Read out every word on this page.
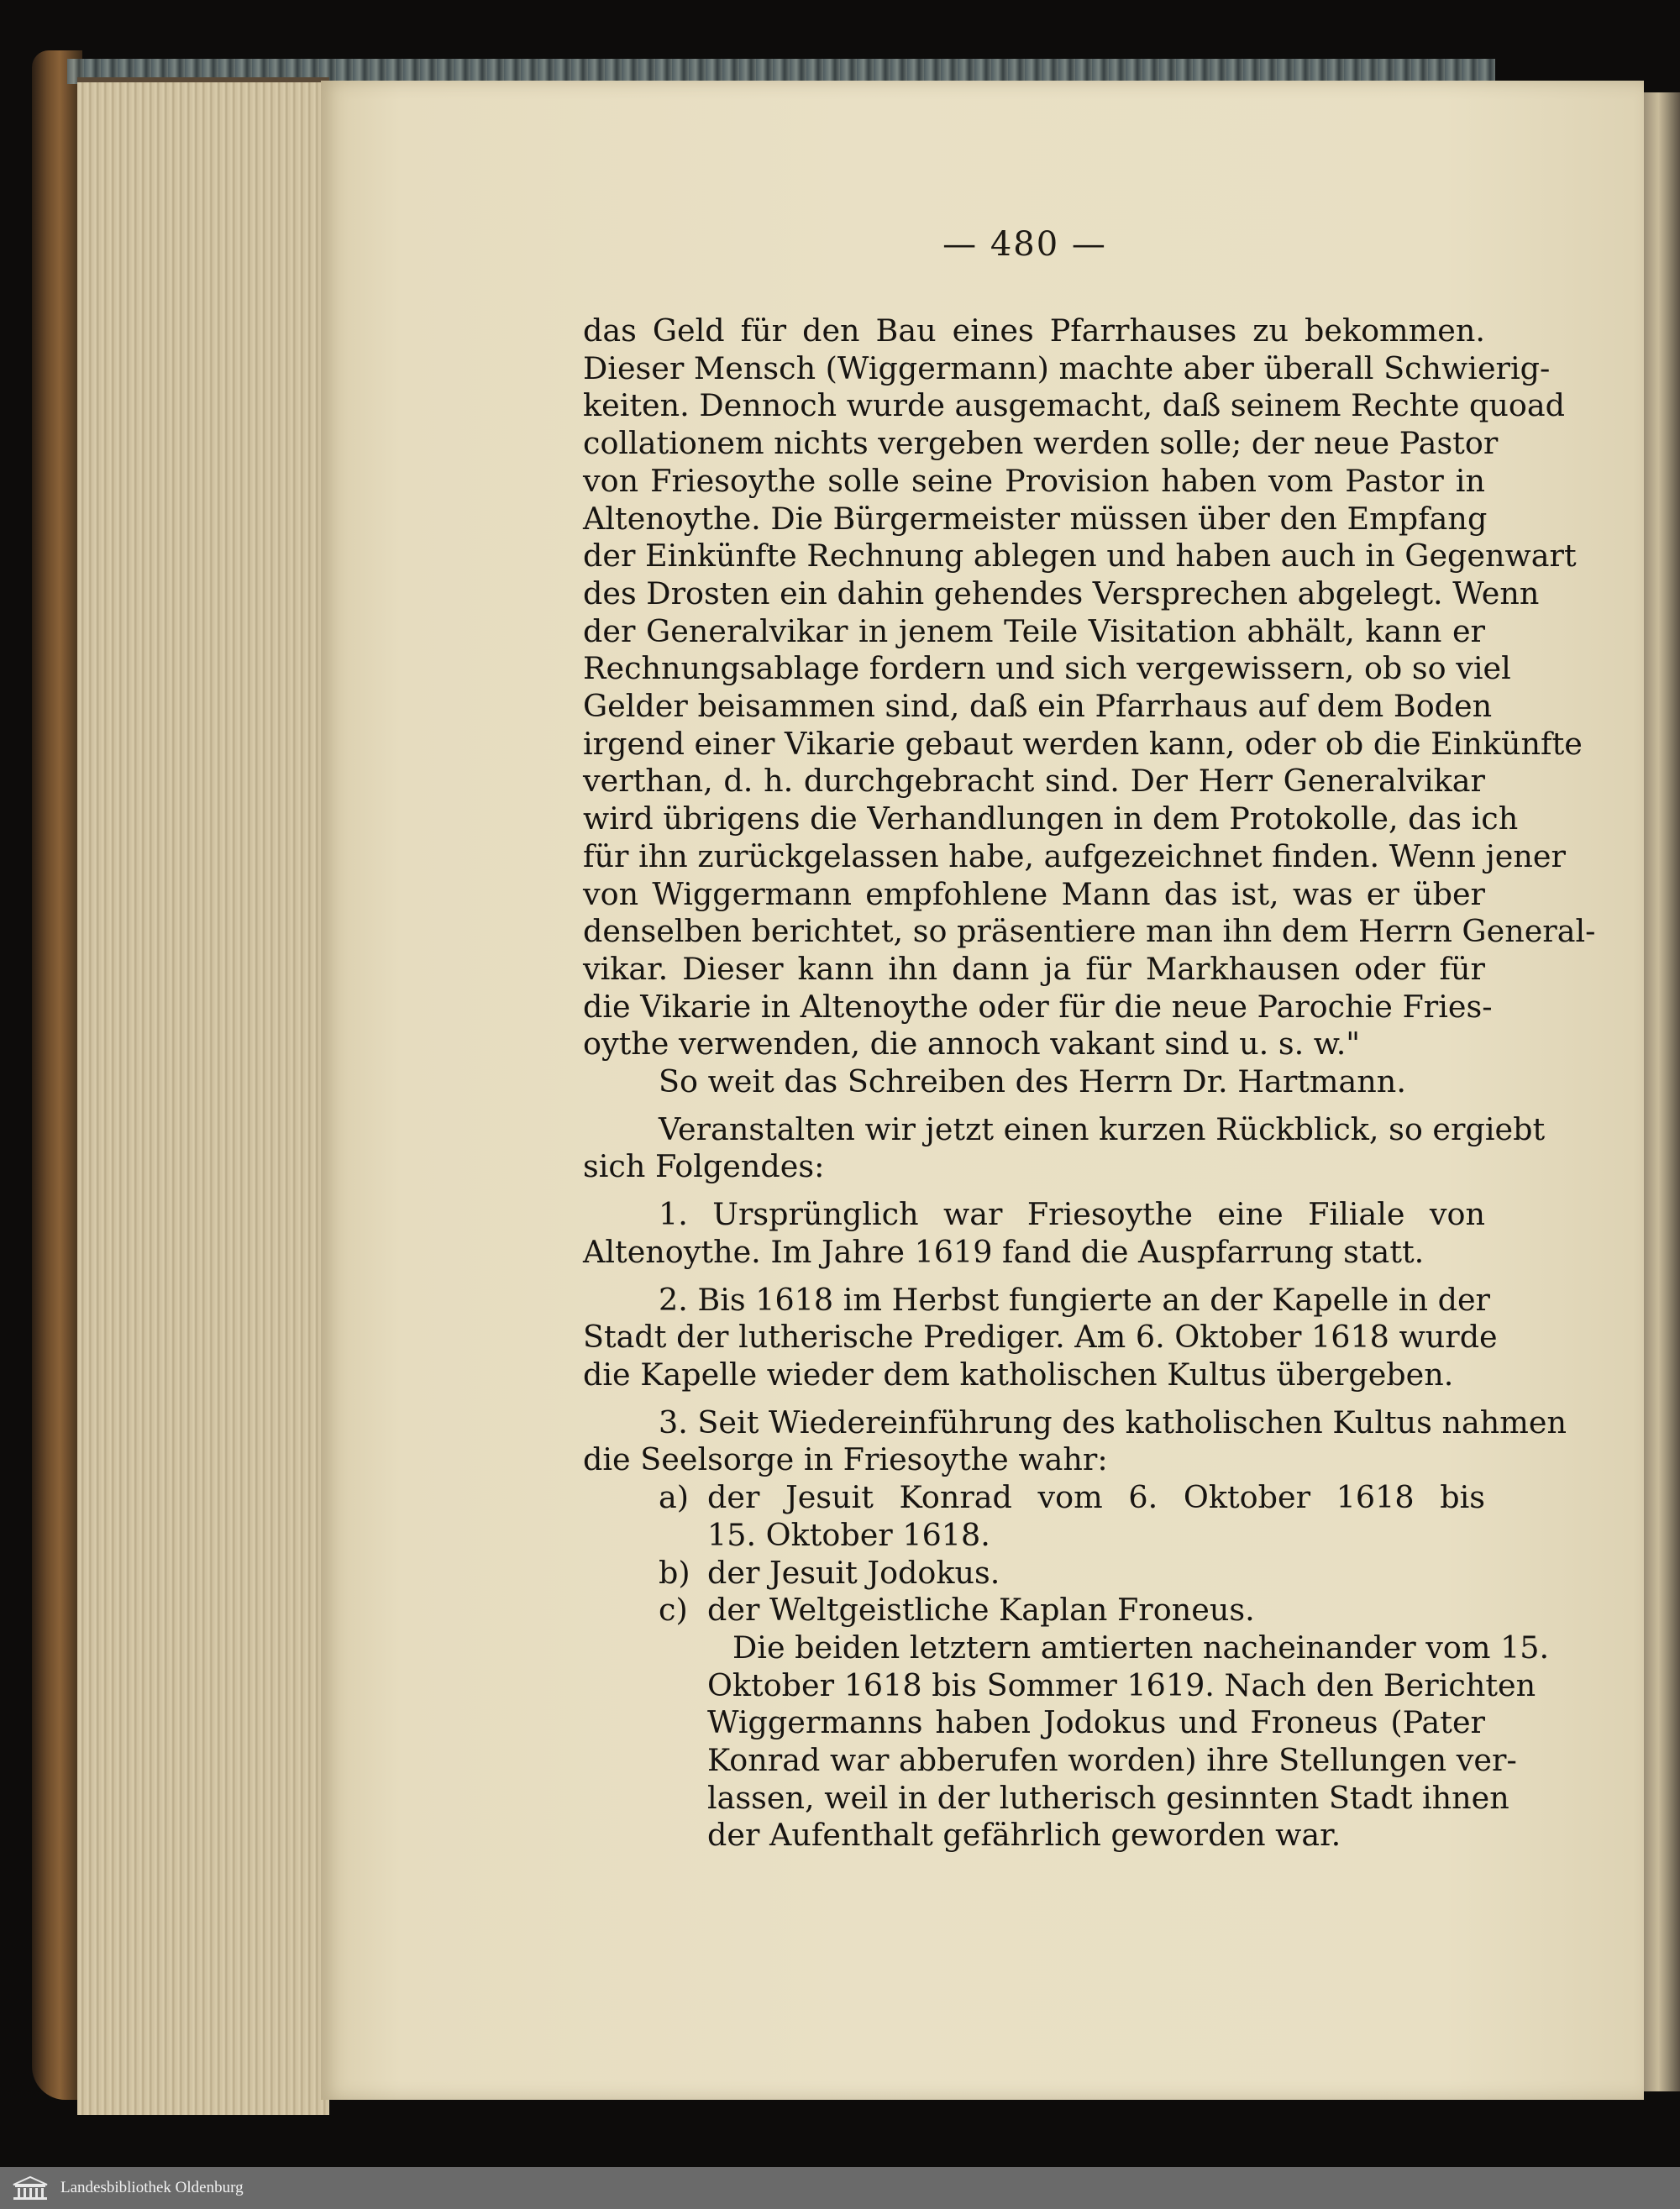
— 480 —
das Geld für den Bau eines Pfarrhauses zu bekommen.
Dieser Mensch (Wiggermann) machte aber überall Schwierig-
keiten. Dennoch wurde ausgemacht, daß seinem Rechte quoad
collationem nichts vergeben werden solle; der neue Pastor
von Friesoythe solle seine Provision haben vom Pastor in
Altenoythe. Die Bürgermeister müssen über den Empfang
der Einkünfte Rechnung ablegen und haben auch in Gegenwart
des Drosten ein dahin gehendes Versprechen abgelegt. Wenn
der Generalvikar in jenem Teile Visitation abhält, kann er
Rechnungsablage fordern und sich vergewissern, ob so viel
Gelder beisammen sind, daß ein Pfarrhaus auf dem Boden
irgend einer Vikarie gebaut werden kann, oder ob die Einkünfte
verthan, d. h. durchgebracht sind. Der Herr Generalvikar
wird übrigens die Verhandlungen in dem Protokolle, das ich
für ihn zurückgelassen habe, aufgezeichnet finden. Wenn jener
von Wiggermann empfohlene Mann das ist, was er über
denselben berichtet, so präsentiere man ihn dem Herrn General-
vikar. Dieser kann ihn dann ja für Markhausen oder für
die Vikarie in Altenoythe oder für die neue Parochie Fries-
oythe verwenden, die annoch vakant sind u. s. w."
So weit das Schreiben des Herrn Dr. Hartmann.
Veranstalten wir jetzt einen kurzen Rückblick, so ergiebt
sich Folgendes:
1. Ursprünglich war Friesoythe eine Filiale von
Altenoythe. Im Jahre 1619 fand die Auspfarrung statt.
2. Bis 1618 im Herbst fungierte an der Kapelle in der
Stadt der lutherische Prediger. Am 6. Oktober 1618 wurde
die Kapelle wieder dem katholischen Kultus übergeben.
3. Seit Wiedereinführung des katholischen Kultus nahmen
die Seelsorge in Friesoythe wahr:
a) der Jesuit Konrad vom 6. Oktober 1618 bis
15. Oktober 1618.
b) der Jesuit Jodokus.
c) der Weltgeistliche Kaplan Froneus.
Die beiden letztern amtierten nacheinander vom 15.
Oktober 1618 bis Sommer 1619. Nach den Berichten
Wiggermanns haben Jodokus und Froneus (Pater
Konrad war abberufen worden) ihre Stellungen ver-
lassen, weil in der lutherisch gesinnten Stadt ihnen
der Aufenthalt gefährlich geworden war.
Landesbibliothek Oldenburg
